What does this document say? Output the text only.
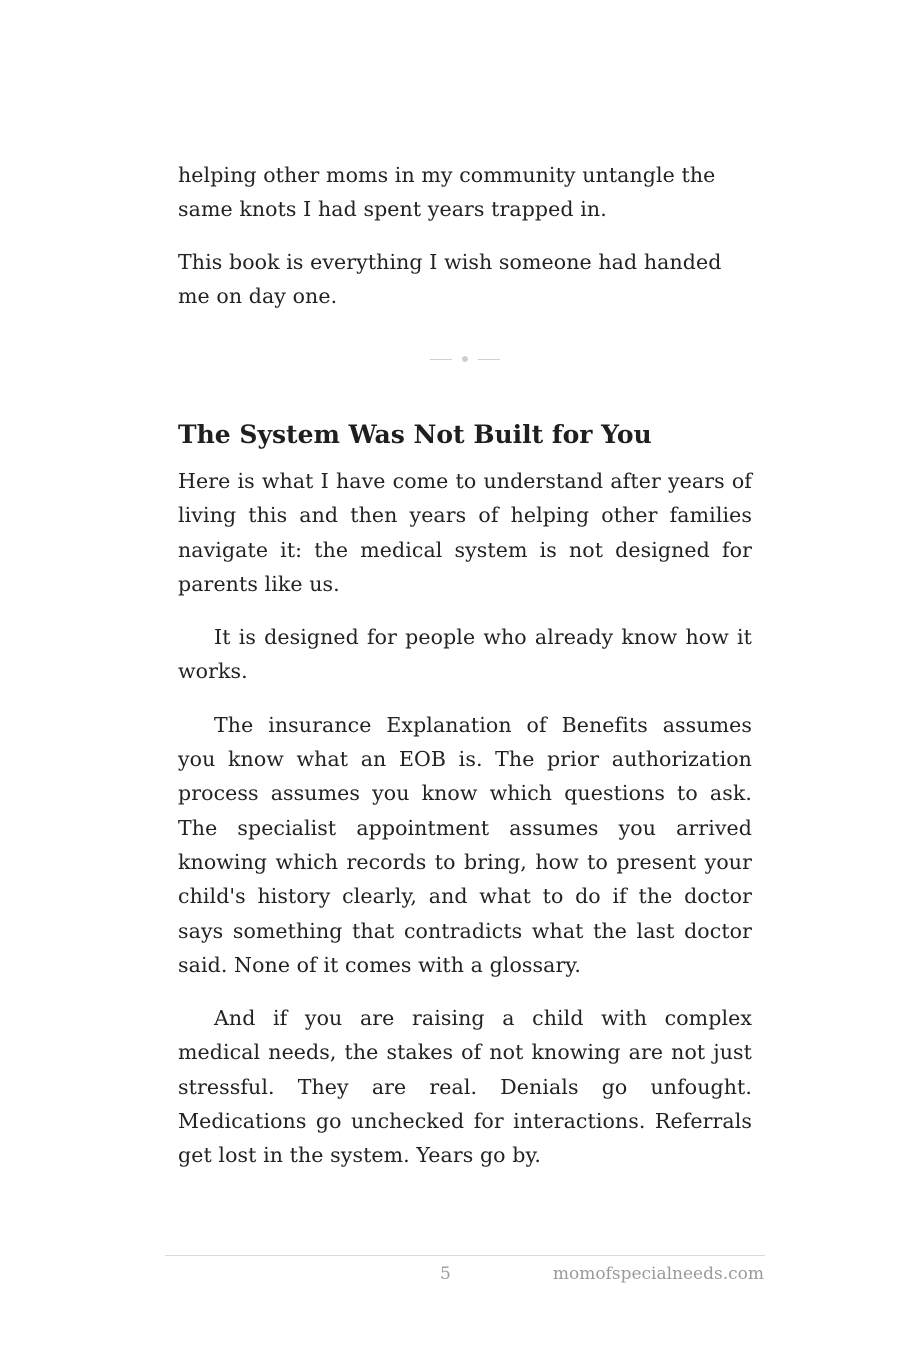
helping other moms in my community untangle the same knots I had spent years trapped in.

This book is everything I wish someone had handed me on day one.

The System Was Not Built for You

Here is what I have come to understand after years of living this and then years of helping other families navigate it: the medical system is not designed for parents like us.

It is designed for people who already know how it works.

The insurance Explanation of Benefits assumes you know what an EOB is. The prior authorization process assumes you know which questions to ask. The specialist appointment assumes you arrived knowing which records to bring, how to present your child's history clearly, and what to do if the doctor says something that contradicts what the last doctor said. None of it comes with a glossary.

And if you are raising a child with complex medical needs, the stakes of not knowing are not just stressful. They are real. Denials go unfought. Medications go unchecked for interactions. Referrals get lost in the system. Years go by.

5	momofspecialneeds.com
